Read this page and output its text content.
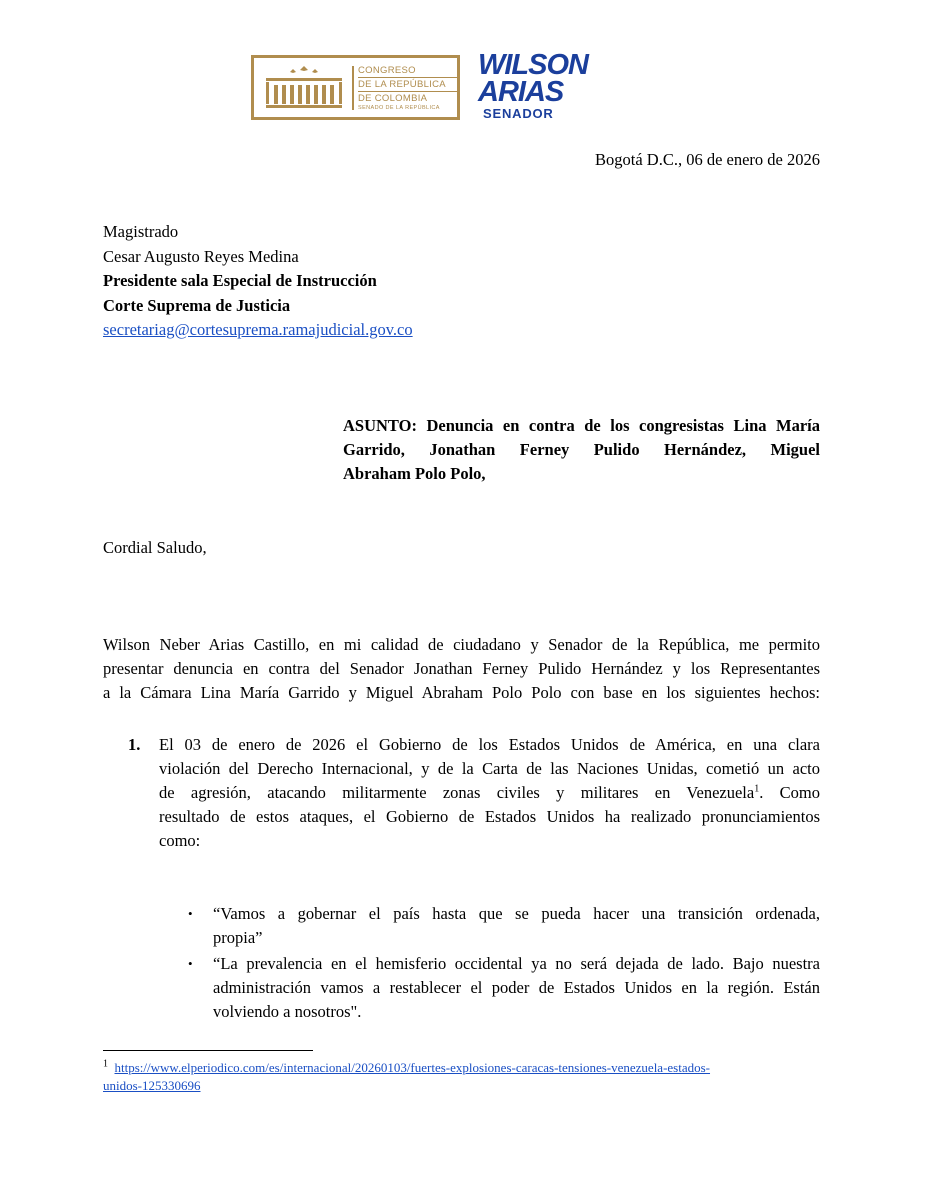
CONGRESO
DE LA REPÚBLICA
DE COLOMBIA
SENADO DE LA REPÚBLICA
WILSON
ARIAS
SENADOR
Bogotá D.C., 06 de enero de 2026
Magistrado
Cesar Augusto Reyes Medina
Presidente sala Especial de Instrucción
Corte Suprema de Justicia
secretariag@cortesuprema.ramajudicial.gov.co
ASUNTO: Denuncia en contra de los congresistas Lina María
Garrido, Jonathan Ferney Pulido Hernández, Miguel
Abraham Polo Polo,
Cordial Saludo,
Wilson Neber Arias Castillo, en mi calidad de ciudadano y Senador de la República, me permito
presentar denuncia en contra del Senador Jonathan Ferney Pulido Hernández y los Representantes
a la Cámara Lina María Garrido y Miguel Abraham Polo Polo con base en los siguientes hechos:
1. El 03 de enero de 2026 el Gobierno de los Estados Unidos de América, en una clara
violación del Derecho Internacional, y de la Carta de las Naciones Unidas, cometió un acto
de agresión, atacando militarmente zonas civiles y militares en Venezuela$^1$. Como
resultado de estos ataques, el Gobierno de Estados Unidos ha realizado pronunciamientos
como:
• “Vamos a gobernar el país hasta que se pueda hacer una transición ordenada,
propia”
• “La prevalencia en el hemisferio occidental ya no será dejada de lado. Bajo nuestra
administración vamos a restablecer el poder de Estados Unidos en la región. Están
volviendo a nosotros".
$^1$ https://www.elperiodico.com/es/internacional/20260103/fuertes-explosiones-caracas-tensiones-venezuela-estados-
unidos-125330696
